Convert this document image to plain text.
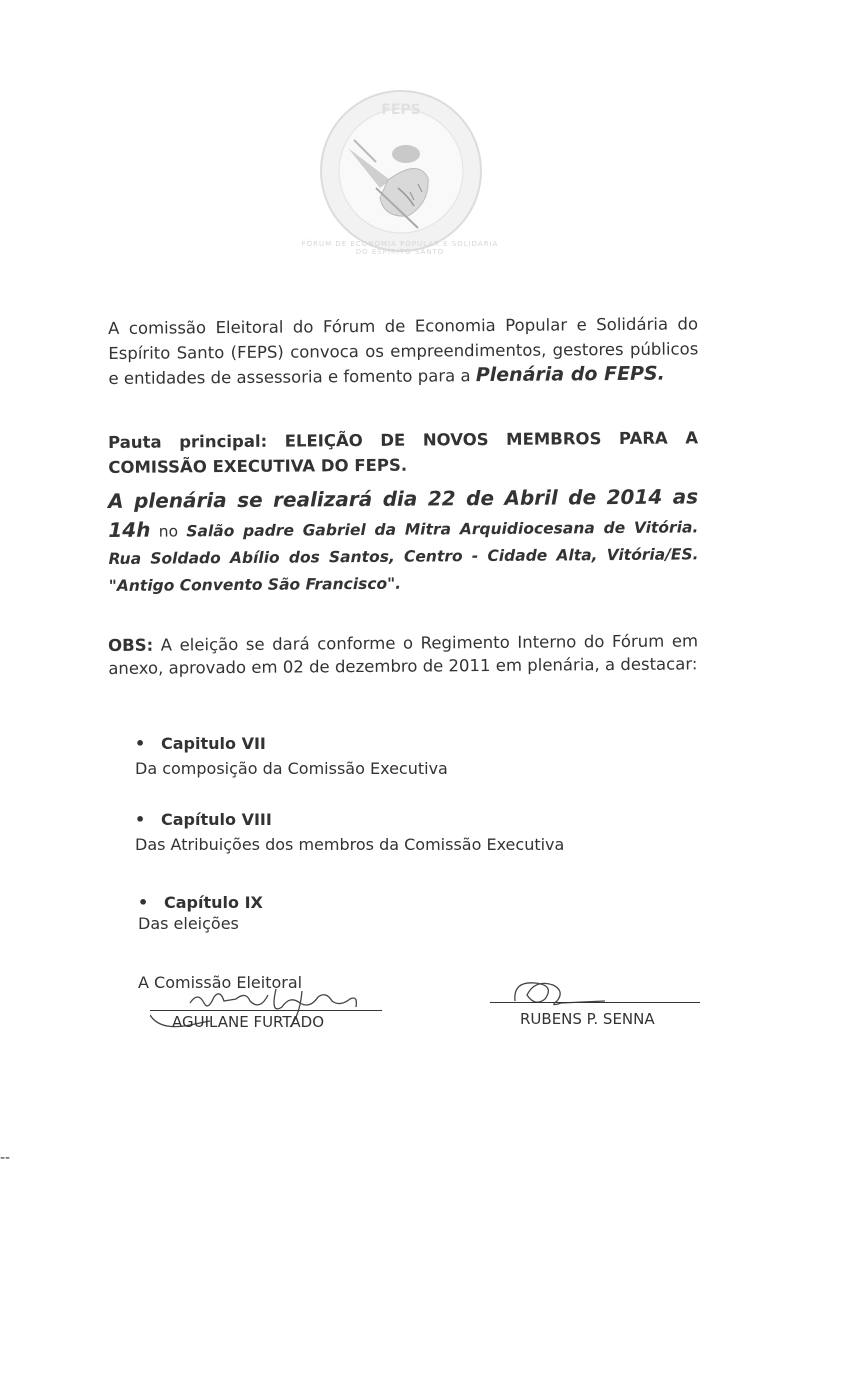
FEPS
FÓRUM DE ECONOMIA POPULAR E SOLIDÁRIA DO ESPÍRITO SANTO
A comissão Eleitoral do Fórum de Economia Popular e Solidária do Espírito Santo (FEPS) convoca os empreendimentos, gestores públicos e entidades de assessoria e fomento para a Plenária do FEPS.
Pauta principal: ELEIÇÃO DE NOVOS MEMBROS PARA A COMISSÃO EXECUTIVA DO FEPS.
A plenária se realizará dia 22 de Abril de 2014 as 14h no Salão padre Gabriel da Mitra Arquidiocesana de Vitória. Rua Soldado Abílio dos Santos, Centro - Cidade Alta, Vitória/ES. "Antigo Convento São Francisco".
OBS: A eleição se dará conforme o Regimento Interno do Fórum em anexo, aprovado em 02 de dezembro de 2011 em plenária, a destacar:
• Capitulo VII
Da composição da Comissão Executiva
• Capítulo VIII
Das Atribuições dos membros da Comissão Executiva
• Capítulo IX
Das eleições
A Comissão Eleitoral
AGUILANE FURTADO	RUBENS P. SENNA
--
